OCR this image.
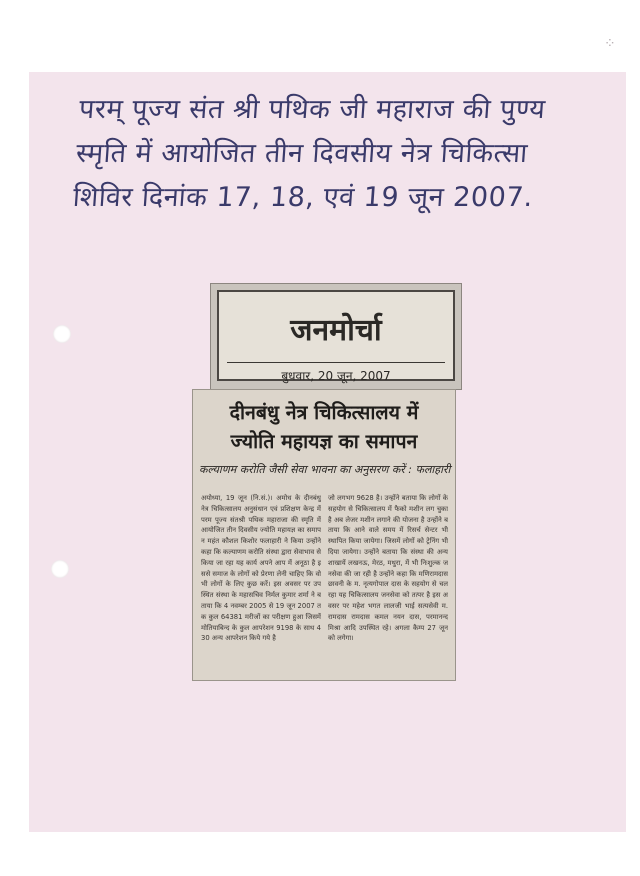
⁘
परम् पूज्य संत श्री पथिक जी महाराज की पुण्य
स्मृति में आयोजित तीन दिवसीय नेत्र चिकित्सा
शिविर दिनांक 17, 18, एवं 19 जून 2007.
जनमोर्चा
बुधवार, 20 जून, 2007
दीनबंधु नेत्र चिकित्सालय में
ज्योति महायज्ञ का समापन
कल्याणम करोति जैसी सेवा भावना का अनुसरण करें : फलाहारी
अयोध्या, 19 जून (नि.सं.)। अमोध के दीनबंधु नेत्र चिकित्सालय अनुसंधान एवं प्रशिक्षण केन्द्र में परम पूज्य संतश्री पथिक महाराजा की स्मृति में आयोजित तीन दिवसीय ज्योति महायज्ञ का समापन महंत कौशल किशोर फलाहारी ने किया उन्होंने कहा कि कल्याणम करोति संस्था द्वारा सेवाभाव से किया जा रहा यह कार्य अपने आप में अनूठा है इससे समाज के लोगों को प्रेरणा लेनी चाहिए कि वो भी लोगों के लिए कुछ करें। इस अवसर पर उपस्थित संस्था के महासचिव निर्मल कुमार शर्मा ने बताया कि 4 नवम्बर 2005 से 19 जून 2007 तक कुल 64381 मरीजों का परीक्षण हुआ जिसमें मोतियाबिन्द के कुल आपरेशन 9198 के साथ 430 अन्य आपरेशन किये गये है
जो लगभग 9628 है। उन्होंने बताया कि लोगों के सहयोग से चिकित्सालय में फैको मशीन लग चुका है अब लेजर मशीन लगाने की योजना है उन्होंने बताया कि आने वाले समय में रिसर्च सेन्टर भी स्थापित किया जायेगा। जिसमें लोगों को ट्रेनिंग भी दिया जायेगा। उन्होंने बताया कि संस्था की अन्य शाखायें लखनऊ, मेरठ, मथुरा, में भी निःशुल्क जनसेवा की जा रही है उन्होंने कहा कि मणिरामदास छावनी के म. नृत्यगोपाल दास के सहयोग से चल रहा यह चिकित्सालय जनसेवा को तत्पर है इस अवसर पर महेश भगत लालजी भाई सत्यसेवी म. रामदास रामदास कमल नयन दास, परमानन्द मिश्रा आदि उपस्थित रहे। अगला कैम्प 27 जून को लगेगा।
